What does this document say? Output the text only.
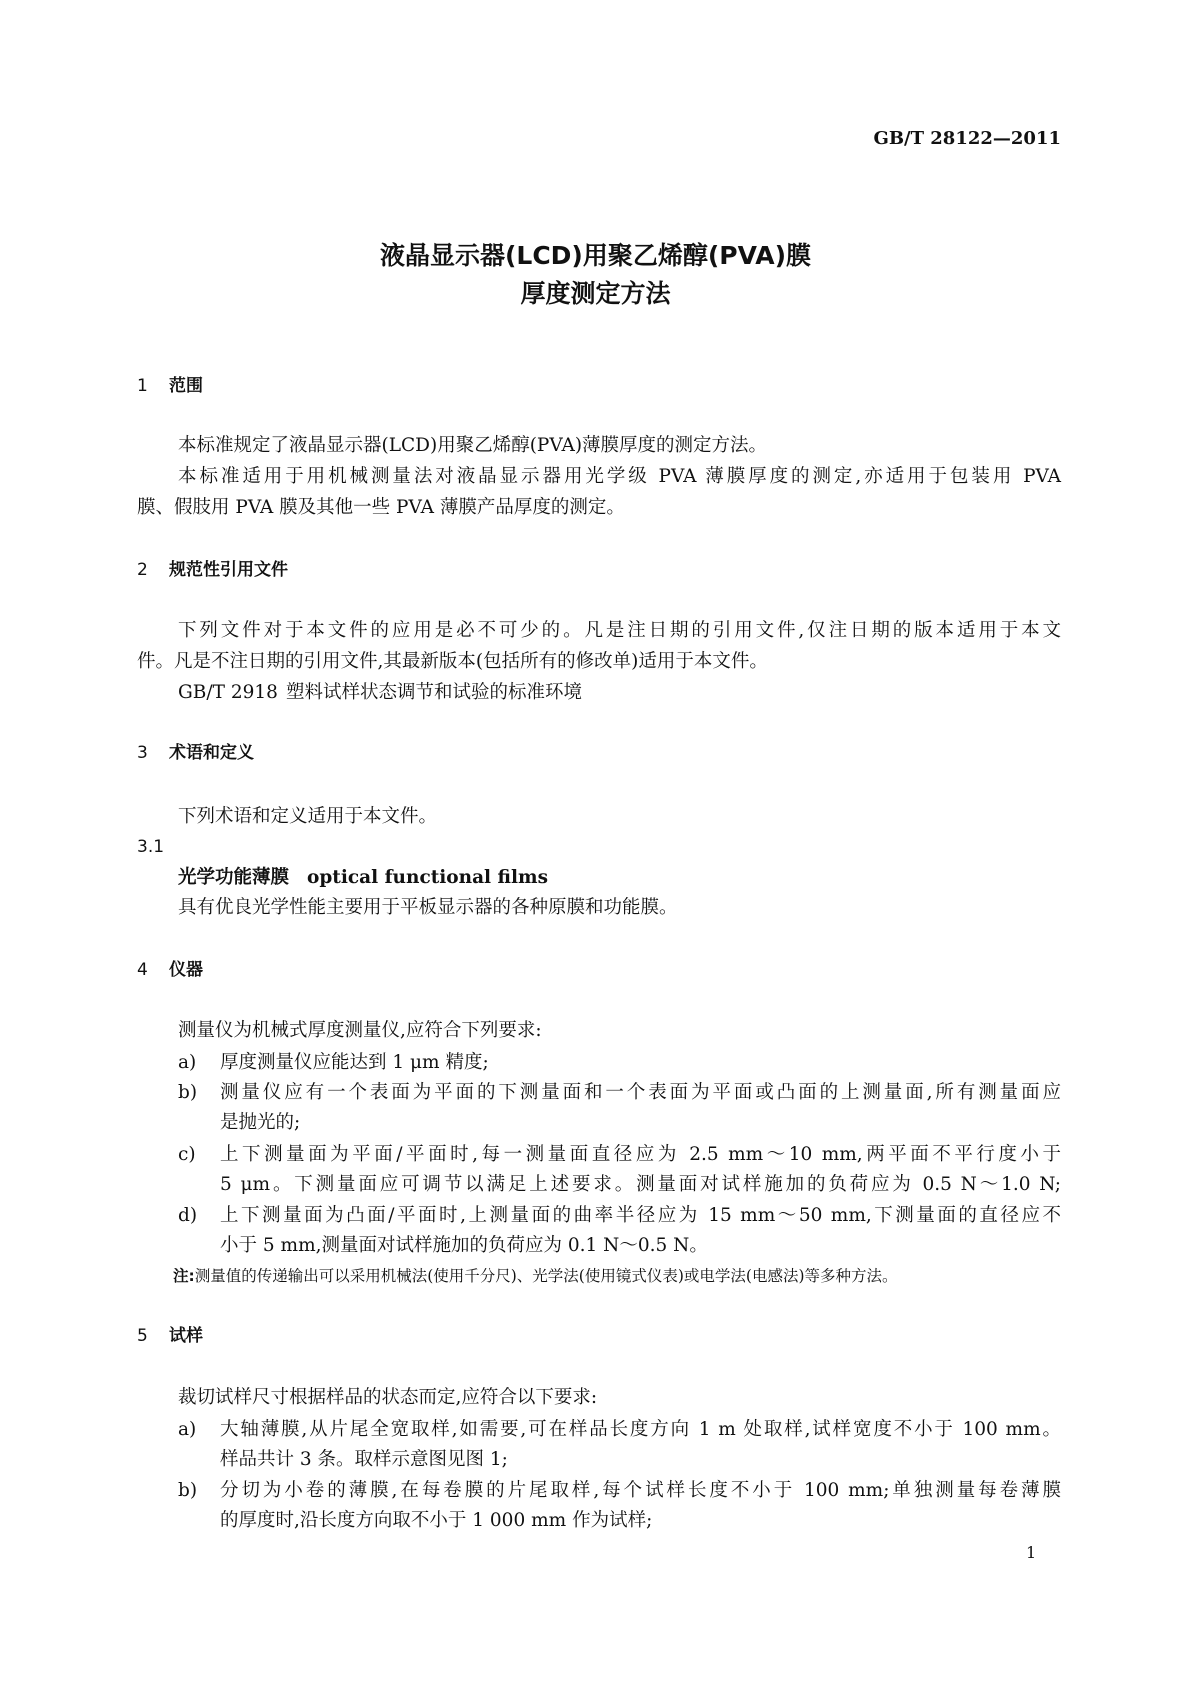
GB/T 28122—2011
液晶显示器(LCD)用聚乙烯醇(PVA)膜
厚度测定方法
1 范围
本标准规定了液晶显示器(LCD)用聚乙烯醇(PVA)薄膜厚度的测定方法。
本标准适用于用机械测量法对液晶显示器用光学级 PVA 薄膜厚度的测定,亦适用于包装用 PVA
膜、假肢用 PVA 膜及其他一些 PVA 薄膜产品厚度的测定。
2 规范性引用文件
下列文件对于本文件的应用是必不可少的。凡是注日期的引用文件,仅注日期的版本适用于本文
件。凡是不注日期的引用文件,其最新版本(包括所有的修改单)适用于本文件。
GB/T 2918 塑料试样状态调节和试验的标准环境
3 术语和定义
下列术语和定义适用于本文件。
3.1
光学功能薄膜 optical functional films
具有优良光学性能主要用于平板显示器的各种原膜和功能膜。
4 仪器
测量仪为机械式厚度测量仪,应符合下列要求:
a) 厚度测量仪应能达到 1 μm 精度;
b) 测量仪应有一个表面为平面的下测量面和一个表面为平面或凸面的上测量面,所有测量面应
是抛光的;
c) 上下测量面为平面/平面时,每一测量面直径应为 2.5 mm～10 mm,两平面不平行度小于
5 μm。下测量面应可调节以满足上述要求。测量面对试样施加的负荷应为 0.5 N～1.0 N;
d) 上下测量面为凸面/平面时,上测量面的曲率半径应为 15 mm～50 mm,下测量面的直径应不
小于 5 mm,测量面对试样施加的负荷应为 0.1 N～0.5 N。
注:测量值的传递输出可以采用机械法(使用千分尺)、光学法(使用镜式仪表)或电学法(电感法)等多种方法。
5 试样
裁切试样尺寸根据样品的状态而定,应符合以下要求:
a) 大轴薄膜,从片尾全宽取样,如需要,可在样品长度方向 1 m 处取样,试样宽度不小于 100 mm。
样品共计 3 条。取样示意图见图 1;
b) 分切为小卷的薄膜,在每卷膜的片尾取样,每个试样长度不小于 100 mm;单独测量每卷薄膜
的厚度时,沿长度方向取不小于 1 000 mm 作为试样;
1
